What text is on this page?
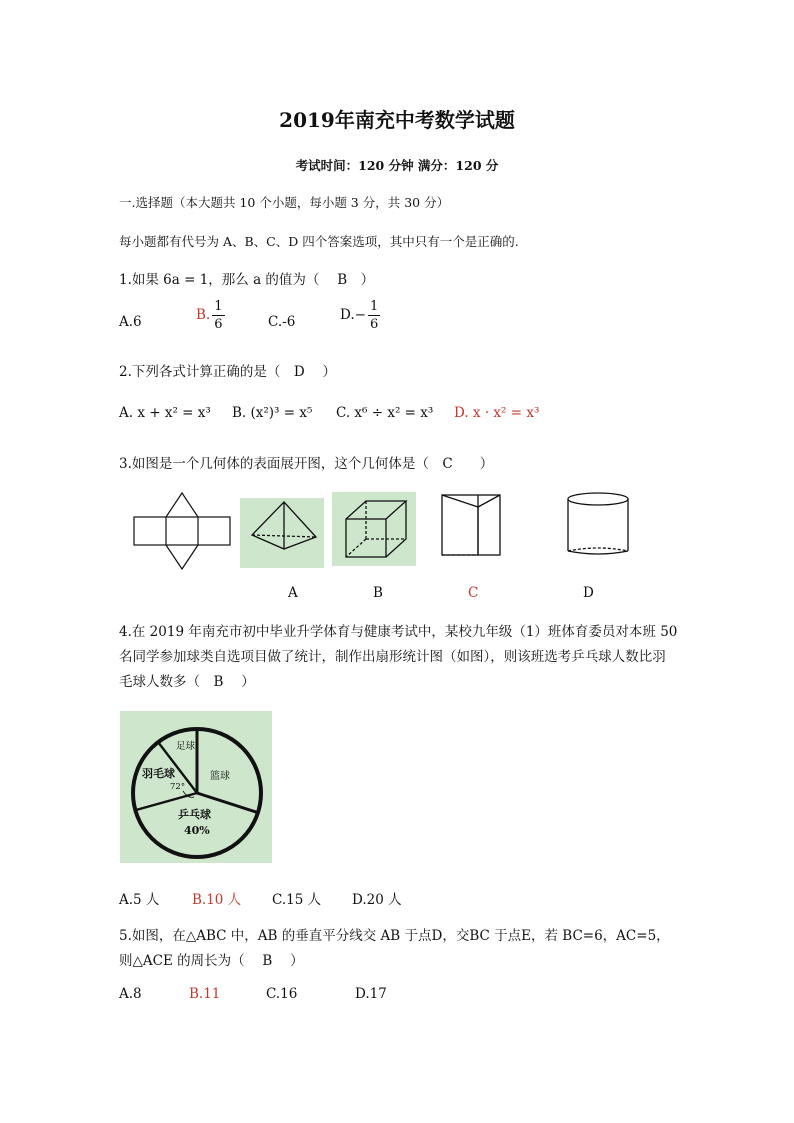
2019年南充中考数学试题
考试时间：120 分钟 满分：120 分
一.选择题（本大题共 10 个小题，每小题 3 分，共 30 分）
每小题都有代号为 A、B、C、D 四个答案选项，其中只有一个是正确的.
1.如果 6a = 1，那么 a 的值为（　 B　）
A.6	B. $\frac{1}{6}$	C.-6	$D.- \frac{1}{6}$
2.下列各式计算正确的是（　D　 ）
A. x + x² = x³ B. (x²)³ = x⁵ C. x⁶ ÷ x² = x³ D. x · x² = x³
3.如图是一个几何体的表面展开图，这个几何体是（　C　　）
A	B	C	D
4.在 2019 年南充市初中毕业升学体育与健康考试中，某校九年级（1）班体育委员对本班 50 名同学参加球类自选项目做了统计，制作出扇形统计图（如图），则该班选考乒乓球人数比羽毛球人数多（　B　 ）
足球
羽毛球
72°
篮球
乒乓球
40%
A.5 人 B.10 人 C.15 人 D.20 人
5.如图，在△ABC 中，AB 的垂直平分线交 AB 于点D，交BC 于点E，若 BC=6，AC=5，则△ACE 的周长为（　 B　 ）
A.8	B.11	C.16	D.17
